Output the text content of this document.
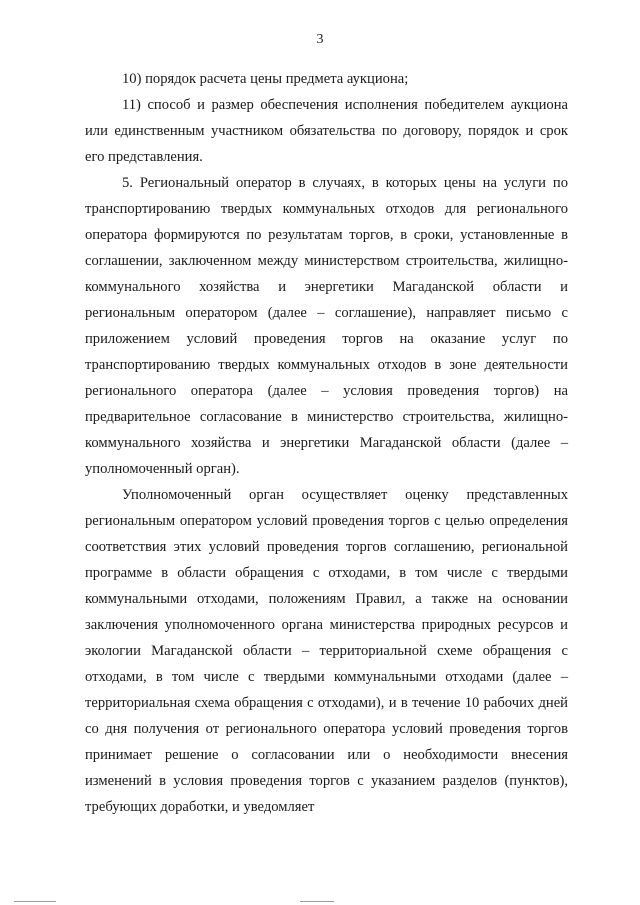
3

10) порядок расчета цены предмета аукциона;

11) способ и размер обеспечения исполнения победителем аукциона или единственным участником обязательства по договору, порядок и срок его представления.

5. Региональный оператор в случаях, в которых цены на услуги по транспортированию твердых коммунальных отходов для регионального оператора формируются по результатам торгов, в сроки, установленные в соглашении, заключенном между министерством строительства, жилищно-коммунального хозяйства и энергетики Магаданской области и региональным оператором (далее – соглашение), направляет письмо с приложением условий проведения торгов на оказание услуг по транспортированию твердых коммунальных отходов в зоне деятельности регионального оператора (далее – условия проведения торгов) на предварительное согласование в министерство строительства, жилищно-коммунального хозяйства и энергетики Магаданской области (далее – уполномоченный орган).

Уполномоченный орган осуществляет оценку представленных региональным оператором условий проведения торгов с целью определения соответствия этих условий проведения торгов соглашению, региональной программе в области обращения с отходами, в том числе с твердыми коммунальными отходами, положениям Правил, а также на основании заключения уполномоченного органа министерства природных ресурсов и экологии Магаданской области – территориальной схеме обращения с отходами, в том числе с твердыми коммунальными отходами (далее – территориальная схема обращения с отходами), и в течение 10 рабочих дней со дня получения от регионального оператора условий проведения торгов принимает решение о согласовании или о необходимости внесения изменений в условия проведения торгов с указанием разделов (пунктов), требующих доработки, и уведомляет
